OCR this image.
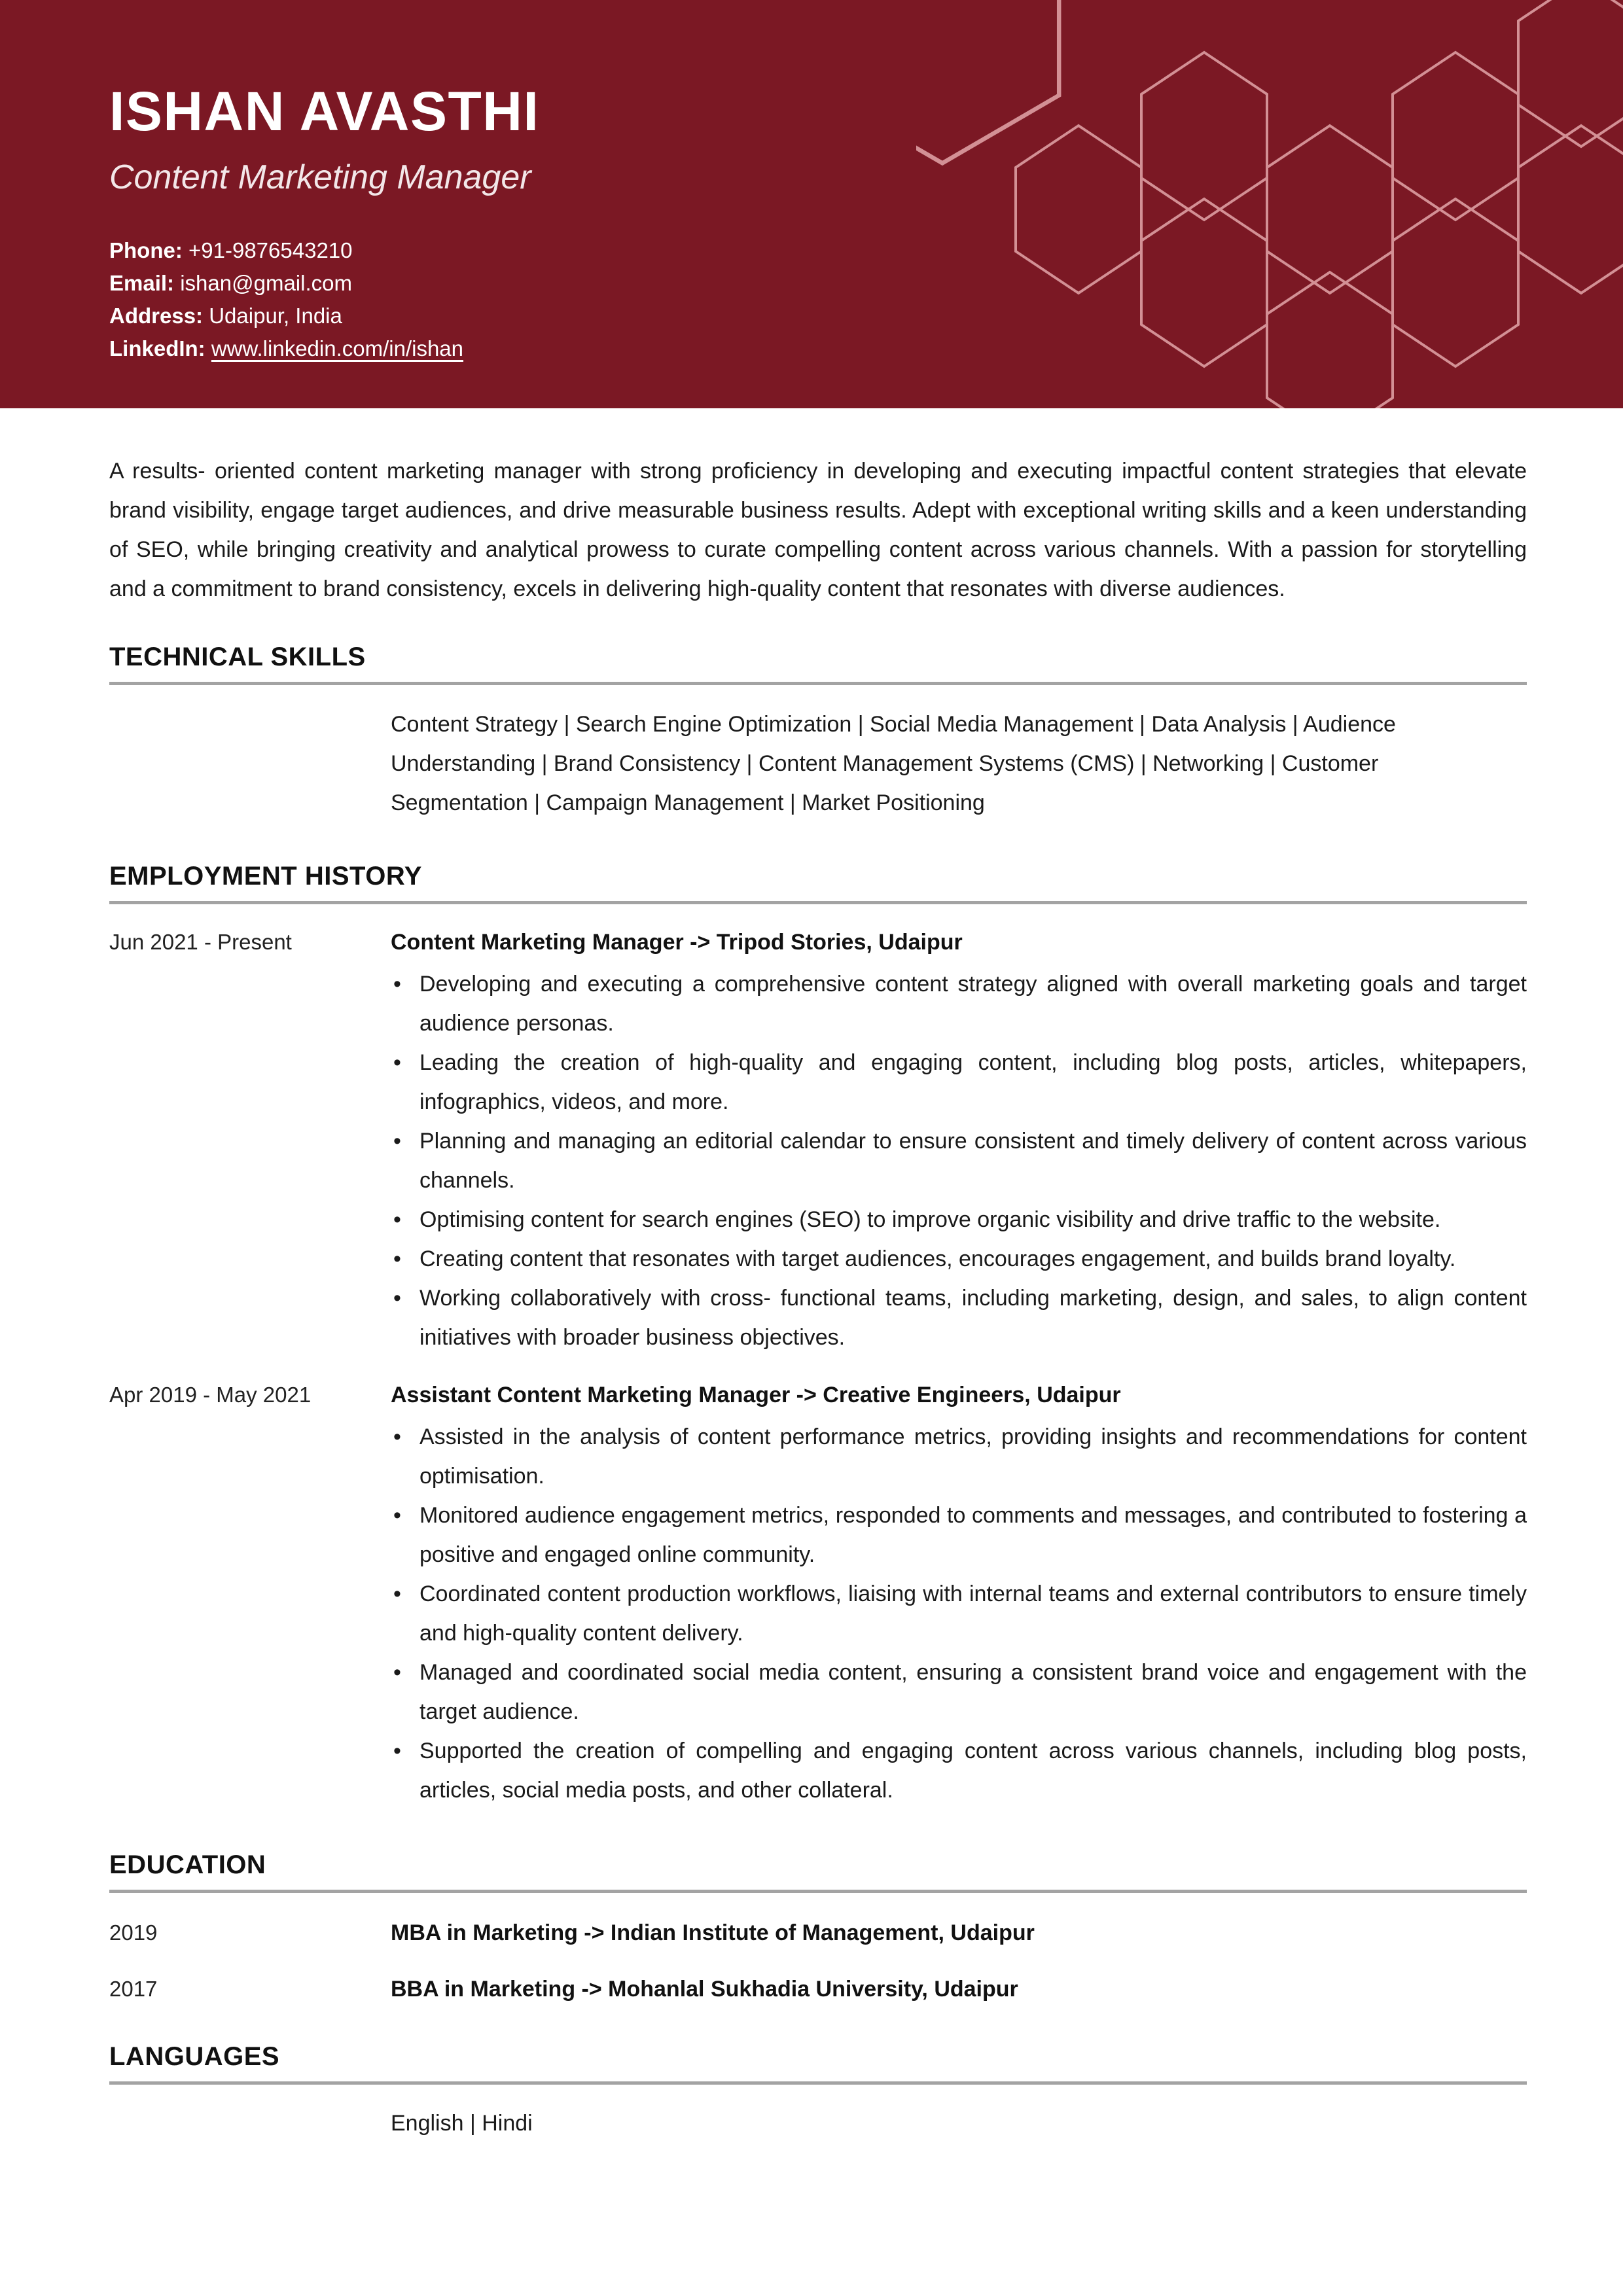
ISHAN AVASTHI
Content Marketing Manager
Phone: +91-9876543210
Email: ishan@gmail.com
Address: Udaipur, India
LinkedIn: www.linkedin.com/in/ishan

A results- oriented content marketing manager with strong proficiency in developing and executing impactful content strategies that elevate brand visibility, engage target audiences, and drive measurable business results. Adept with exceptional writing skills and a keen understanding of SEO, while bringing creativity and analytical prowess to curate compelling content across various channels. With a passion for storytelling and a commitment to brand consistency, excels in delivering high-quality content that resonates with diverse audiences.

TECHNICAL SKILLS
Content Strategy | Search Engine Optimization | Social Media Management | Data Analysis | Audience Understanding | Brand Consistency | Content Management Systems (CMS) | Networking | Customer Segmentation | Campaign Management | Market Positioning
EMPLOYMENT HISTORY
Jun 2021 - Present	Content Marketing Manager -> Tripod Stories, Udaipur
• Developing and executing a comprehensive content strategy aligned with overall marketing goals and target audience personas.
• Leading the creation of high-quality and engaging content, including blog posts, articles, whitepapers, infographics, videos, and more.
• Planning and managing an editorial calendar to ensure consistent and timely delivery of content across various channels.
• Optimising content for search engines (SEO) to improve organic visibility and drive traffic to the website.
• Creating content that resonates with target audiences, encourages engagement, and builds brand loyalty.
• Working collaboratively with cross- functional teams, including marketing, design, and sales, to align content initiatives with broader business objectives.
Apr 2019 - May 2021	Assistant Content Marketing Manager -> Creative Engineers, Udaipur
• Assisted in the analysis of content performance metrics, providing insights and recommendations for content optimisation.
• Monitored audience engagement metrics, responded to comments and messages, and contributed to fostering a positive and engaged online community.
• Coordinated content production workflows, liaising with internal teams and external contributors to ensure timely and high-quality content delivery.
• Managed and coordinated social media content, ensuring a consistent brand voice and engagement with the target audience.
• Supported the creation of compelling and engaging content across various channels, including blog posts, articles, social media posts, and other collateral.
EDUCATION
2019	MBA in Marketing -> Indian Institute of Management, Udaipur
2017	BBA in Marketing -> Mohanlal Sukhadia University, Udaipur
LANGUAGES
English | Hindi
